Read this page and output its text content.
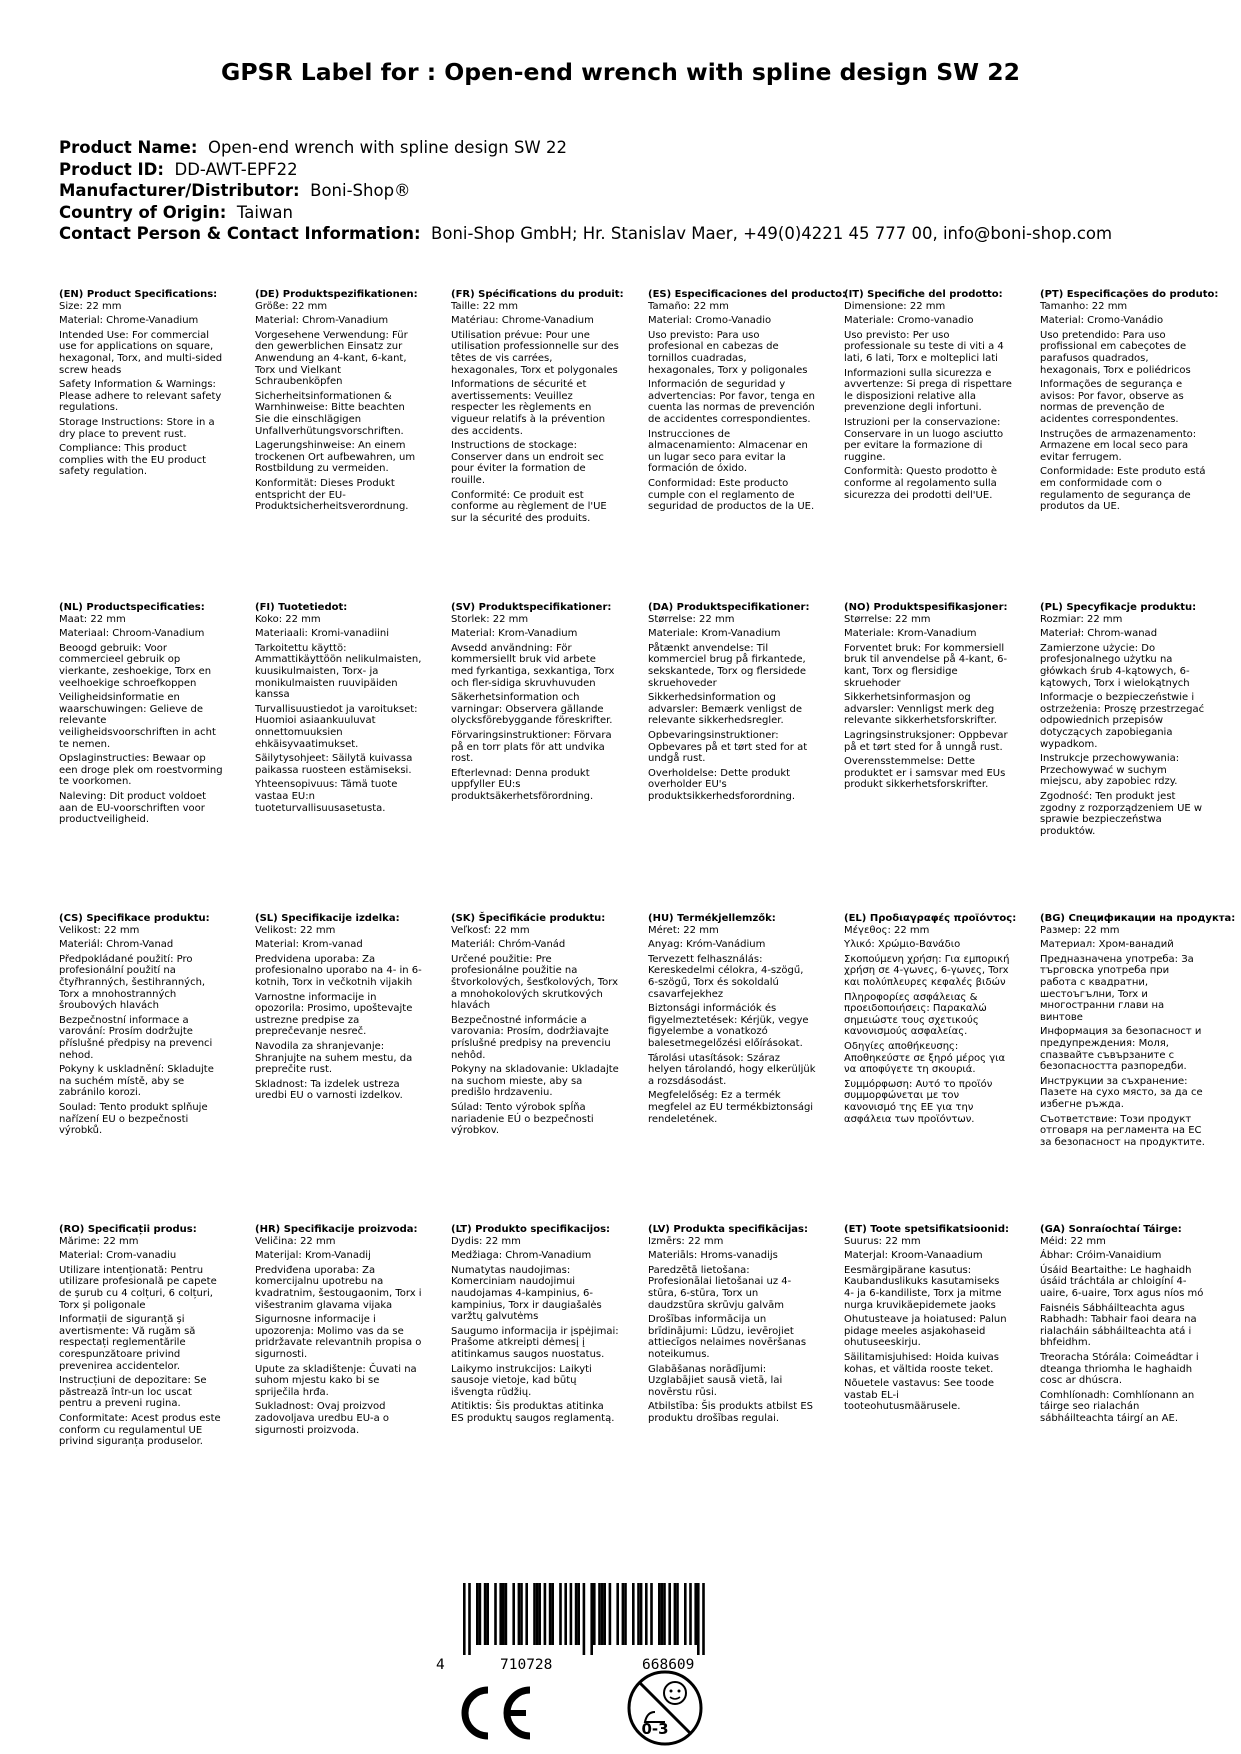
GPSR Label for : Open-end wrench with spline design SW 22
Product Name: Open-end wrench with spline design SW 22
Product ID: DD-AWT-EPF22
Manufacturer/Distributor: Boni-Shop®
Country of Origin: Taiwan
Contact Person & Contact Information: Boni-Shop GmbH; Hr. Stanislav Maer, +49(0)4221 45 777 00, info@boni-shop.com
(EN) Product Specifications:

Size: 22 mm

Material: Chrome-Vanadium

Intended Use: For commercial use for applications on square, hexagonal, Torx, and multi-sided screw heads

Safety Information & Warnings: Please adhere to relevant safety regulations.

Storage Instructions: Store in a dry place to prevent rust.

Compliance: This product complies with the EU product safety regulation.

(DE) Produktspezifikationen:

Größe: 22 mm

Material: Chrom-Vanadium

Vorgesehene Verwendung: Für den gewerblichen Einsatz zur Anwendung an 4-kant, 6-kant, Torx und Vielkant Schraubenköpfen

Sicherheitsinformationen & Warnhinweise: Bitte beachten Sie die einschlägigen Unfallverhütungsvorschriften.

Lagerungshinweise: An einem trockenen Ort aufbewahren, um Rostbildung zu vermeiden.

Konformität: Dieses Produkt entspricht der EU-Produktsicherheitsverordnung.

(FR) Spécifications du produit:

Taille: 22 mm

Matériau: Chrome-Vanadium

Utilisation prévue: Pour une utilisation professionnelle sur des têtes de vis carrées, hexagonales, Torx et polygonales

Informations de sécurité et avertissements: Veuillez respecter les règlements en vigueur relatifs à la prévention des accidents.

Instructions de stockage: Conserver dans un endroit sec pour éviter la formation de rouille.

Conformité: Ce produit est conforme au règlement de l'UE sur la sécurité des produits.

(ES) Especificaciones del producto:

Tamaño: 22 mm

Material: Cromo-Vanadio

Uso previsto: Para uso profesional en cabezas de tornillos cuadradas, hexagonales, Torx y poligonales

Información de seguridad y advertencias: Por favor, tenga en cuenta las normas de prevención de accidentes correspondientes.

Instrucciones de almacenamiento: Almacenar en un lugar seco para evitar la formación de óxido.

Conformidad: Este producto cumple con el reglamento de seguridad de productos de la UE.

(IT) Specifiche del prodotto:

Dimensione: 22 mm

Materiale: Cromo-vanadio

Uso previsto: Per uso professionale su teste di viti a 4 lati, 6 lati, Torx e molteplici lati

Informazioni sulla sicurezza e avvertenze: Si prega di rispettare le disposizioni relative alla prevenzione degli infortuni.

Istruzioni per la conservazione: Conservare in un luogo asciutto per evitare la formazione di ruggine.

Conformità: Questo prodotto è conforme al regolamento sulla sicurezza dei prodotti dell'UE.

(PT) Especificações do produto:

Tamanho: 22 mm

Material: Cromo-Vanádio

Uso pretendido: Para uso profissional em cabeçotes de parafusos quadrados, hexagonais, Torx e poliédricos

Informações de segurança e avisos: Por favor, observe as normas de prevenção de acidentes correspondentes.

Instruções de armazenamento: Armazene em local seco para evitar ferrugem.

Conformidade: Este produto está em conformidade com o regulamento de segurança de produtos da UE.

(NL) Productspecificaties:

Maat: 22 mm

Materiaal: Chroom-Vanadium

Beoogd gebruik: Voor commercieel gebruik op vierkante, zeshoekige, Torx en veelhoekige schroefkoppen

Veiligheidsinformatie en waarschuwingen: Gelieve de relevante veiligheidsvoorschriften in acht te nemen.

Opslaginstructies: Bewaar op een droge plek om roestvorming te voorkomen.

Naleving: Dit product voldoet aan de EU-voorschriften voor productveiligheid.

(FI) Tuotetiedot:

Koko: 22 mm

Materiaali: Kromi-vanadiini

Tarkoitettu käyttö: Ammattikäyttöön nelikulmaisten, kuusikulmaisten, Torx- ja monikulmaisten ruuvipäiden kanssa

Turvallisuustiedot ja varoitukset: Huomioi asiaankuuluvat onnettomuuksien ehkäisyvaatimukset.

Säilytysohjeet: Säilytä kuivassa paikassa ruosteen estämiseksi.

Yhteensopivuus: Tämä tuote vastaa EU:n tuoteturvallisuusasetusta.

(SV) Produktspecifikationer:

Storlek: 22 mm

Material: Krom-Vanadium

Avsedd användning: För kommersiellt bruk vid arbete med fyrkantiga, sexkantiga, Torx och fler-sidiga skruvhuvuden

Säkerhetsinformation och varningar: Observera gällande olycksförebyggande föreskrifter.

Förvaringsinstruktioner: Förvara på en torr plats för att undvika rost.

Efterlevnad: Denna produkt uppfyller EU:s produktsäkerhetsförordning.

(DA) Produktspecifikationer:

Størrelse: 22 mm

Materiale: Krom-Vanadium

Påtænkt anvendelse: Til kommerciel brug på firkantede, sekskantede, Torx og flersidede skruehoveder

Sikkerhedsinformation og advarsler: Bemærk venligst de relevante sikkerhedsregler.

Opbevaringsinstruktioner: Opbevares på et tørt sted for at undgå rust.

Overholdelse: Dette produkt overholder EU's produktsikkerhedsforordning.

(NO) Produktspesifikasjoner:

Størrelse: 22 mm

Materiale: Krom-Vanadium

Forventet bruk: For kommersiell bruk til anvendelse på 4-kant, 6-kant, Torx og flersidige skruehoder

Sikkerhetsinformasjon og advarsler: Vennligst merk deg relevante sikkerhetsforskrifter.

Lagringsinstruksjoner: Oppbevar på et tørt sted for å unngå rust.

Overensstemmelse: Dette produktet er i samsvar med EUs produkt sikkerhetsforskrifter.

(PL) Specyfikacje produktu:

Rozmiar: 22 mm

Materiał: Chrom-wanad

Zamierzone użycie: Do profesjonalnego użytku na główkach śrub 4-kątowych, 6-kątowych, Torx i wielokątnych

Informacje o bezpieczeństwie i ostrzeżenia: Proszę przestrzegać odpowiednich przepisów dotyczących zapobiegania wypadkom.

Instrukcje przechowywania: Przechowywać w suchym miejscu, aby zapobiec rdzy.

Zgodność: Ten produkt jest zgodny z rozporządzeniem UE w sprawie bezpieczeństwa produktów.

(CS) Specifikace produktu:

Velikost: 22 mm

Materiál: Chrom-Vanad

Předpokládané použití: Pro profesionální použití na čtyřhranných, šestihranných, Torx a mnohostranných šroubových hlavách

Bezpečnostní informace a varování: Prosím dodržujte příslušné předpisy na prevenci nehod.

Pokyny k uskladnění: Skladujte na suchém místě, aby se zabránilo korozi.

Soulad: Tento produkt splňuje nařízení EU o bezpečnosti výrobků.

(SL) Specifikacije izdelka:

Velikost: 22 mm

Material: Krom-vanad

Predvidena uporaba: Za profesionalno uporabo na 4- in 6-kotnih, Torx in večkotnih vijakih

Varnostne informacije in opozorila: Prosimo, upoštevajte ustrezne predpise za preprečevanje nesreč.

Navodila za shranjevanje: Shranjujte na suhem mestu, da preprečite rust.

Skladnost: Ta izdelek ustreza uredbi EU o varnosti izdelkov.

(SK) Špecifikácie produktu:

Veľkosť: 22 mm

Materiál: Chróm-Vanád

Určené použitie: Pre profesionálne použitie na štvorkolových, šesťkolových, Torx a mnohokolových skrutkových hlavách

Bezpečnostné informácie a varovania: Prosím, dodržiavajte príslušné predpisy na prevenciu nehôd.

Pokyny na skladovanie: Ukladajte na suchom mieste, aby sa predišlo hrdzaveniu.

Súlad: Tento výrobok spĺňa nariadenie EÚ o bezpečnosti výrobkov.

(HU) Termékjellemzők:

Méret: 22 mm

Anyag: Króm-Vanádium

Tervezett felhasználás: Kereskedelmi célokra, 4-szögű, 6-szögű, Torx és sokoldalú csavarfejekhez

Biztonsági információk és figyelmeztetések: Kérjük, vegye figyelembe a vonatkozó balesetmegelőzési előírásokat.

Tárolási utasítások: Száraz helyen tárolandó, hogy elkerüljük a rozsdásodást.

Megfelelőség: Ez a termék megfelel az EU termékbiztonsági rendeletének.

(EL) Προδιαγραφές προϊόντος:

Μέγεθος: 22 mm

Υλικό: Χρώμιο-Βανάδιο

Σκοπούμενη χρήση: Για εμπορική χρήση σε 4-γωνες, 6-γωνες, Torx και πολύπλευρες κεφαλές βιδών

Πληροφορίες ασφάλειας & προειδοποιήσεις: Παρακαλώ σημειώστε τους σχετικούς κανονισμούς ασφαλείας.

Οδηγίες αποθήκευσης: Αποθηκεύστε σε ξηρό μέρος για να αποφύγετε τη σκουριά.

Συμμόρφωση: Αυτό το προϊόν συμμορφώνεται με τον κανονισμό της ΕΕ για την ασφάλεια των προϊόντων.

(BG) Спецификации на продукта:

Размер: 22 mm

Материал: Хром-ванадий

Предназначена употреба: За търговска употреба при работа с квадратни, шестоъгълни, Torx и многостранни глави на винтове

Информация за безопасност и предупреждения: Моля, спазвайте съвързаните с безопасността разпоредби.

Инструкции за съхранение: Пазете на сухо място, за да се избегне ръжда.

Съответствие: Този продукт отговаря на регламента на ЕС за безопасност на продуктите.

(RO) Specificații produs:

Mărime: 22 mm

Material: Crom-vanadiu

Utilizare intenționată: Pentru utilizare profesională pe capete de șurub cu 4 colțuri, 6 colțuri, Torx și poligonale

Informații de siguranță și avertismente: Vă rugăm să respectați reglementările corespunzătoare privind prevenirea accidentelor.

Instrucțiuni de depozitare: Se păstrează într-un loc uscat pentru a preveni rugina.

Conformitate: Acest produs este conform cu regulamentul UE privind siguranța produselor.

(HR) Specifikacije proizvoda:

Veličina: 22 mm

Materijal: Krom-Vanadij

Predviđena uporaba: Za komercijalnu upotrebu na kvadratnim, šestougaonim, Torx i višestranim glavama vijaka

Sigurnosne informacije i upozorenja: Molimo vas da se pridržavate relevantnih propisa o sigurnosti.

Upute za skladištenje: Čuvati na suhom mjestu kako bi se spriječila hrđa.

Sukladnost: Ovaj proizvod zadovoljava uredbu EU-a o sigurnosti proizvoda.

(LT) Produkto specifikacijos:

Dydis: 22 mm

Medžiaga: Chrom-Vanadium

Numatytas naudojimas: Komerciniam naudojimui naudojamas 4-kampinius, 6-kampinius, Torx ir daugiašalės varžtų galvutėms

Saugumo informacija ir įspėjimai: Prašome atkreipti dėmesį į atitinkamus saugos nuostatus.

Laikymo instrukcijos: Laikyti sausoje vietoje, kad būtų išvengta rūdžių.

Atitiktis: Šis produktas atitinka ES produktų saugos reglamentą.

(LV) Produkta specifikācijas:

Izmērs: 22 mm

Materiāls: Hroms-vanadijs

Paredzētā lietošana: Profesionālai lietošanai uz 4-stūra, 6-stūra, Torx un daudzstūra skrūvju galvām

Drošības informācija un brīdinājumi: Lūdzu, ievērojiet attiecīgos nelaimes novēršanas noteikumus.

Glabāšanas norādījumi: Uzglabājiet sausā vietā, lai novērstu rūsi.

Atbilstība: Šis produkts atbilst ES produktu drošības regulai.

(ET) Toote spetsifikatsioonid:

Suurus: 22 mm

Materjal: Kroom-Vanaadium

Eesmärgipärane kasutus: Kaubanduslikuks kasutamiseks 4- ja 6-kandiliste, Torx ja mitme nurga kruvikäepidemete jaoks

Ohutusteave ja hoiatused: Palun pidage meeles asjakohaseid ohutuseeskirju.

Säilitamisjuhised: Hoida kuivas kohas, et vältida rooste teket.

Nõuetele vastavus: See toode vastab EL-i tooteohutusmäärusele.

(GA) Sonraíochtaí Táirge:

Méid: 22 mm

Ábhar: Cróim-Vanaidium

Úsáid Beartaithe: Le haghaidh úsáid tráchtála ar chloigíní 4-uaire, 6-uaire, Torx agus níos mó

Faisnéis Sábháilteachta agus Rabhadh: Tabhair faoi deara na rialacháin sábháilteachta atá i bhfeidhm.

Treoracha Stórála: Coimeádtar i dteanga thriomha le haghaidh cosc ar dhúscra.

Comhlíonadh: Comhlíonann an táirge seo rialachán sábháilteachta táirgí an AE.

4	710728	668609
0-3
